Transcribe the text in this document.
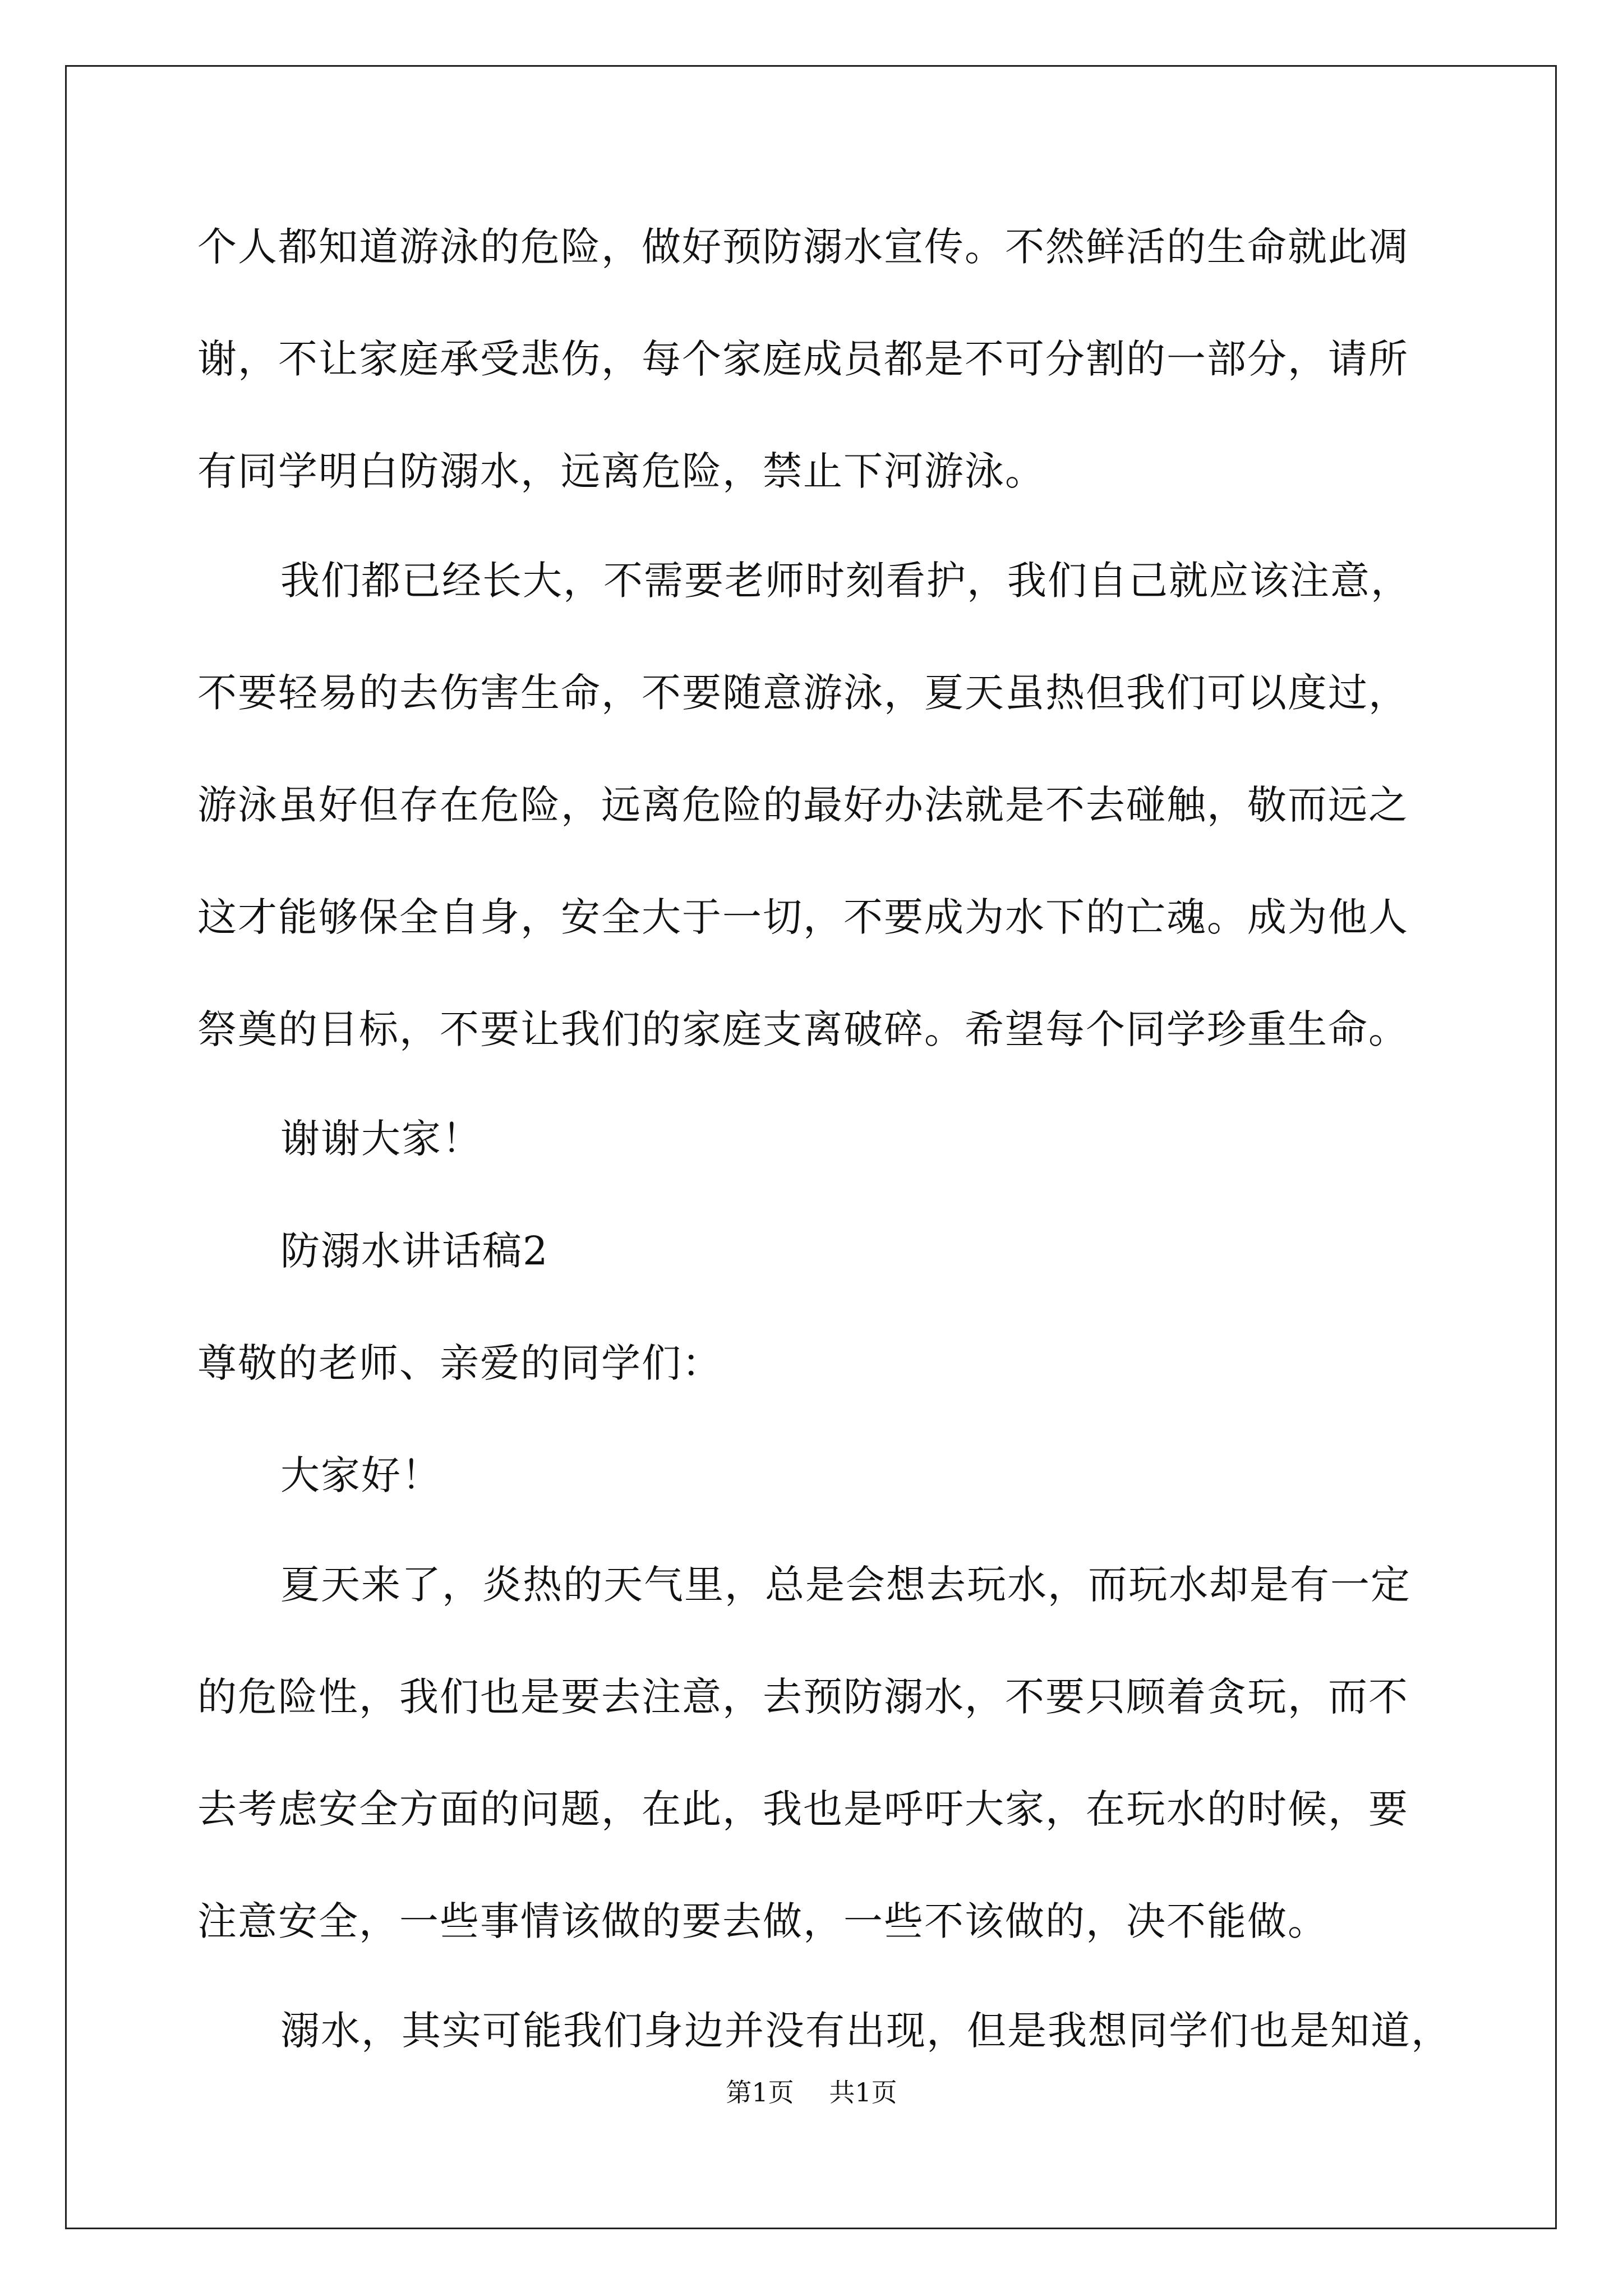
个人都知道游泳的危险，做好预防溺水宣传。不然鲜活的生命就此凋
谢，不让家庭承受悲伤，每个家庭成员都是不可分割的一部分，请所
有同学明白防溺水，远离危险，禁止下河游泳。
我们都已经长大，不需要老师时刻看护，我们自己就应该注意，
不要轻易的去伤害生命，不要随意游泳，夏天虽热但我们可以度过，
游泳虽好但存在危险，远离危险的最好办法就是不去碰触，敬而远之
这才能够保全自身，安全大于一切，不要成为水下的亡魂。成为他人
祭奠的目标，不要让我们的家庭支离破碎。希望每个同学珍重生命。
谢谢大家！
防溺水讲话稿2
尊敬的老师、亲爱的同学们：
大家好！
夏天来了，炎热的天气里，总是会想去玩水，而玩水却是有一定
的危险性，我们也是要去注意，去预防溺水，不要只顾着贪玩，而不
去考虑安全方面的问题，在此，我也是呼吁大家，在玩水的时候，要
注意安全，一些事情该做的要去做，一些不该做的，决不能做。
溺水，其实可能我们身边并没有出现，但是我想同学们也是知道，
第1页 共1页
